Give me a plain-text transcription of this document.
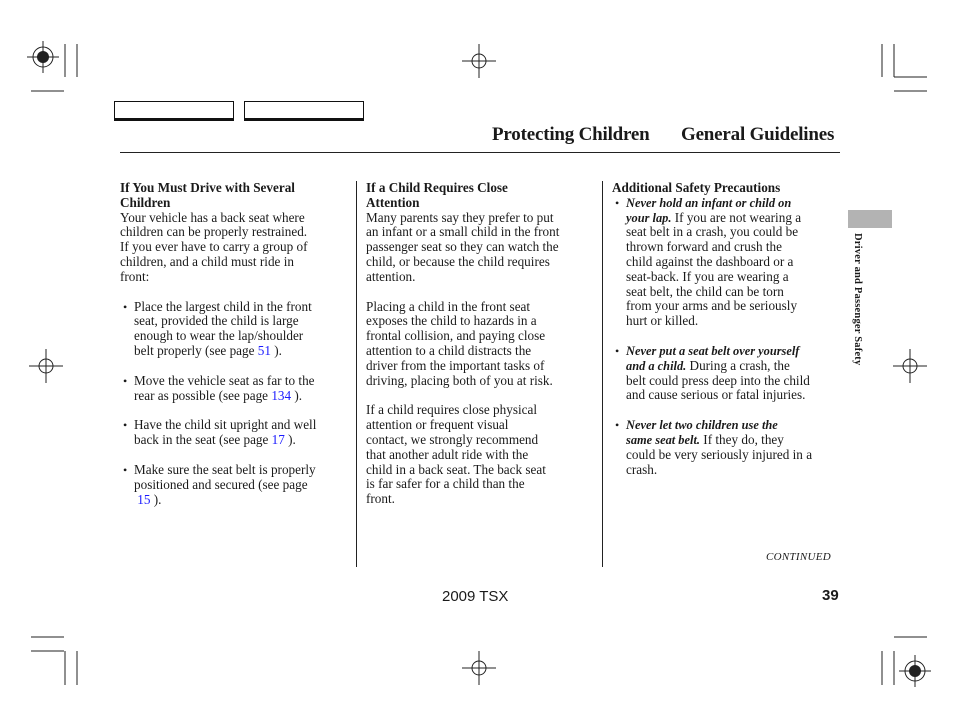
Protecting Children General Guidelines
If You Must Drive with Several
Children
Your vehicle has a back seat where
children can be properly restrained.
If you ever have to carry a group of
children, and a child must ride in
front:
• Place the largest child in the front
seat, provided the child is large
enough to wear the lap/shoulder
belt properly (see page 51 ).
• Move the vehicle seat as far to the
rear as possible (see page 134 ).
• Have the child sit upright and well
back in the seat (see page 17 ).
• Make sure the seat belt is properly
positioned and secured (see page
15 ).
If a Child Requires Close
Attention
Many parents say they prefer to put
an infant or a small child in the front
passenger seat so they can watch the
child, or because the child requires
attention.
Placing a child in the front seat
exposes the child to hazards in a
frontal collision, and paying close
attention to a child distracts the
driver from the important tasks of
driving, placing both of you at risk.
If a child requires close physical
attention or frequent visual
contact, we strongly recommend
that another adult ride with the
child in a back seat. The back seat
is far safer for a child than the
front.
Additional Safety Precautions
• Never hold an infant or child on
your lap. If you are not wearing a
seat belt in a crash, you could be
thrown forward and crush the
child against the dashboard or a
seat-back. If you are wearing a
seat belt, the child can be torn
from your arms and be seriously
hurt or killed.
• Never put a seat belt over yourself
and a child. During a crash, the
belt could press deep into the child
and cause serious or fatal injuries.
• Never let two children use the
same seat belt. If they do, they
could be very seriously injured in a
crash.
Driver and Passenger Safety
CONTINUED
2009 TSX	39
